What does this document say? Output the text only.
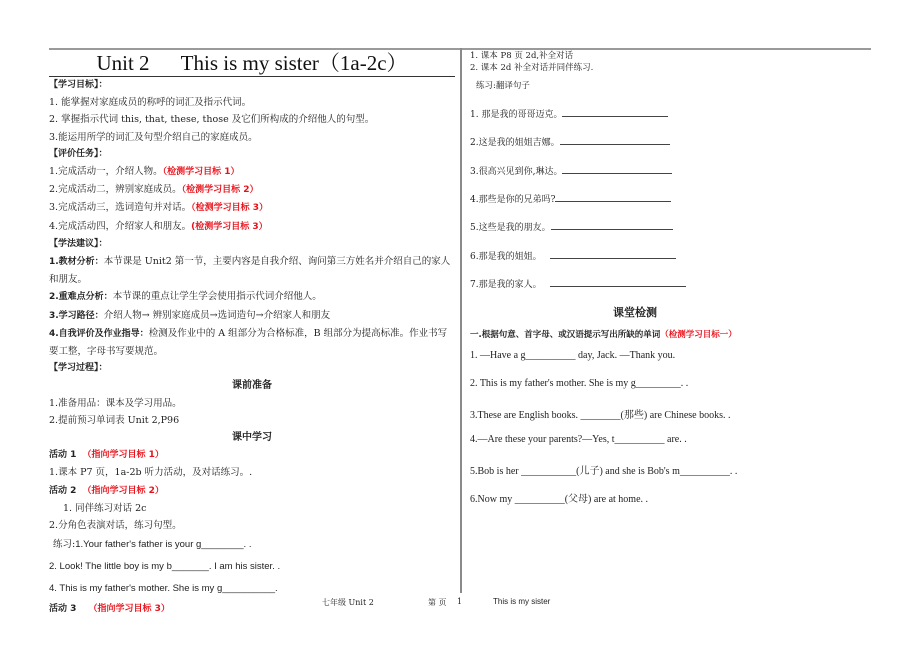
Unit 2      This is my sister（1a-2c）
【学习目标】：
1. 能掌握对家庭成员的称呼的词汇及指示代词。
2. 掌握指示代词 this, that, these, those 及它们所构成的介绍他人的句型。
3.能运用所学的词汇及句型介绍自己的家庭成员。
【评价任务】：
1.完成活动一，介绍人物。（检测学习目标 1）
2.完成活动二，辨别家庭成员。（检测学习目标 2）
3.完成活动三，选词造句并对话。（检测学习目标 3）
4.完成活动四，介绍家人和朋友。(检测学习目标 3）
【学法建议】：
1.教材分析：本节课是 Unit2 第一节，主要内容是自我介绍、询问第三方姓名并介绍自己的家人
和朋友。
2.重难点分析：本节课的重点让学生学会使用指示代词介绍他人。
3.学习路径：介绍人物→ 辨别家庭成员→选词造句→介绍家人和朋友
4.自我评价及作业指导：检测及作业中的 A 组部分为合格标准，B 组部分为提高标准。作业书写
要工整，字母书写要规范。
【学习过程】：
课前准备
1.准备用品：课本及学习用品。
2.提前预习单词表 Unit 2,P96
课中学习
活动 1 （指向学习目标 1）
1.课本 P7 页，1a-2b 听力活动，及对话练习。.
活动 2 （指向学习目标 2）
1. 同伴练习对话 2c
2.分角色表演对话，练习句型。
练习:1.Your father's father is your g________. .
2. Look! The little boy is my b_______. I am his sister. .
4. This is my father's mother. She is my g__________.
活动 3 （指向学习目标 3）
1. 课本 P8 页 2d,补全对话
2. 课本 2d 补全对话并同伴练习.
练习:翻译句子
1. 那是我的哥哥迈克。
2.这是我的姐姐吉娜。
3.很高兴见到你,琳达。
4.那些是你的兄弟吗?
5.这些是我的朋友。
6.那是我的姐姐。
7.那是我的家人。
课堂检测
一.根据句意、首字母、或汉语提示写出所缺的单词（检测学习目标一）
1. —Have a g__________ day, Jack. —Thank you.
2. This is my father's mother. She is my g_________. .
3.These are English books. ________(那些) are Chinese books. .
4.—Are these your parents?—Yes, t__________ are. .
5.Bob is her ___________(儿子) and she is Bob's m__________. .
6.Now my __________(父母) are at home. .
七年级 Unit 2	第 页 1	This is my sister
